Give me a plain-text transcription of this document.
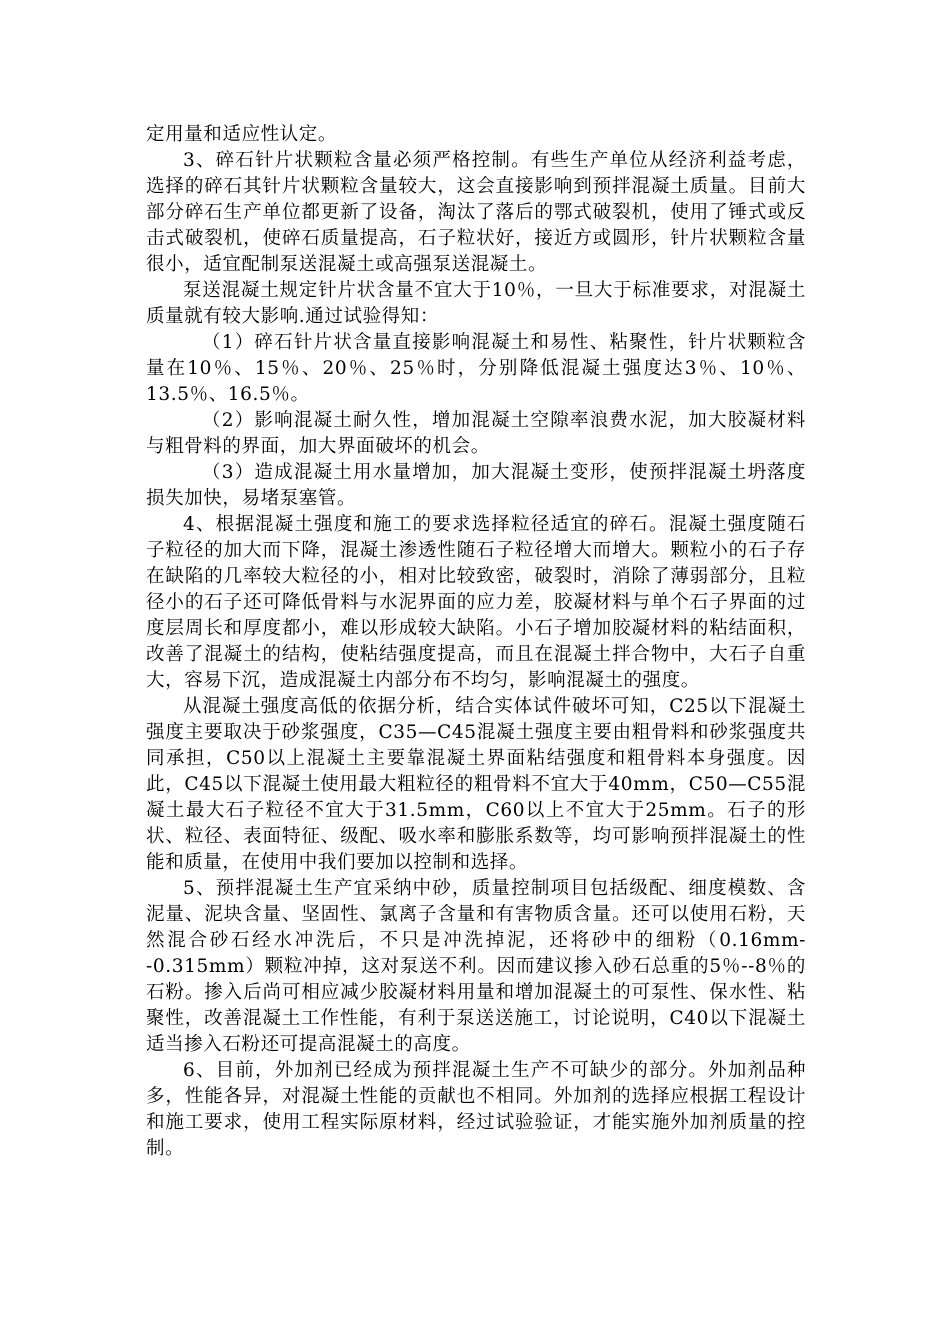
定用量和适应性认定。

3、碎石针片状颗粒含量必须严格控制。有些生产单位从经济利益考虑，选择的碎石其针片状颗粒含量较大，这会直接影响到预拌混凝土质量。目前大部分碎石生产单位都更新了设备，淘汰了落后的鄂式破裂机，使用了锤式或反击式破裂机，使碎石质量提高，石子粒状好，接近方或圆形，针片状颗粒含量很小，适宜配制泵送混凝土或高强泵送混凝土。

泵送混凝土规定针片状含量不宜大于10％，一旦大于标准要求，对混凝土质量就有较大影响.通过试验得知：

（1）碎石针片状含量直接影响混凝土和易性、粘聚性，针片状颗粒含量在10％、15％、20％、25％时，分别降低混凝土强度达3％、10％、13.5％、16.5％。

（2）影响混凝土耐久性，增加混凝土空隙率浪费水泥，加大胶凝材料与粗骨料的界面，加大界面破坏的机会。

（3）造成混凝土用水量增加，加大混凝土变形，使预拌混凝土坍落度损失加快，易堵泵塞管。

4、根据混凝土强度和施工的要求选择粒径适宜的碎石。混凝土强度随石子粒径的加大而下降，混凝土渗透性随石子粒径增大而增大。颗粒小的石子存在缺陷的几率较大粒径的小，相对比较致密，破裂时，消除了薄弱部分，且粒径小的石子还可降低骨料与水泥界面的应力差，胶凝材料与单个石子界面的过度层周长和厚度都小，难以形成较大缺陷。小石子增加胶凝材料的粘结面积，改善了混凝土的结构，使粘结强度提高，而且在混凝土拌合物中，大石子自重大，容易下沉，造成混凝土内部分布不均匀，影响混凝土的强度。

从混凝土强度高低的依据分析，结合实体试件破坏可知，C25以下混凝土强度主要取决于砂浆强度，C35—C45混凝土强度主要由粗骨料和砂浆强度共同承担，C50以上混凝土主要靠混凝土界面粘结强度和粗骨料本身强度。因此，C45以下混凝土使用最大粗粒径的粗骨料不宜大于40mm，C50—C55混凝土最大石子粒径不宜大于31.5mm，C60以上不宜大于25mm。石子的形状、粒径、表面特征、级配、吸水率和膨胀系数等，均可影响预拌混凝土的性能和质量，在使用中我们要加以控制和选择。

5、预拌混凝土生产宜采纳中砂，质量控制项目包括级配、细度模数、含泥量、泥块含量、坚固性、氯离子含量和有害物质含量。还可以使用石粉，天然混合砂石经水冲洗后，不只是冲洗掉泥，还将砂中的细粉（0.16mm--0.315mm）颗粒冲掉，这对泵送不利。因而建议掺入砂石总重的5％--8％的石粉。掺入后尚可相应减少胶凝材料用量和增加混凝土的可泵性、保水性、粘聚性，改善混凝土工作性能，有利于泵送送施工，讨论说明，C40以下混凝土适当掺入石粉还可提高混凝土的高度。

6、目前，外加剂已经成为预拌混凝土生产不可缺少的部分。外加剂品种多，性能各异，对混凝土性能的贡献也不相同。外加剂的选择应根据工程设计和施工要求，使用工程实际原材料，经过试验验证，才能实施外加剂质量的控制。
